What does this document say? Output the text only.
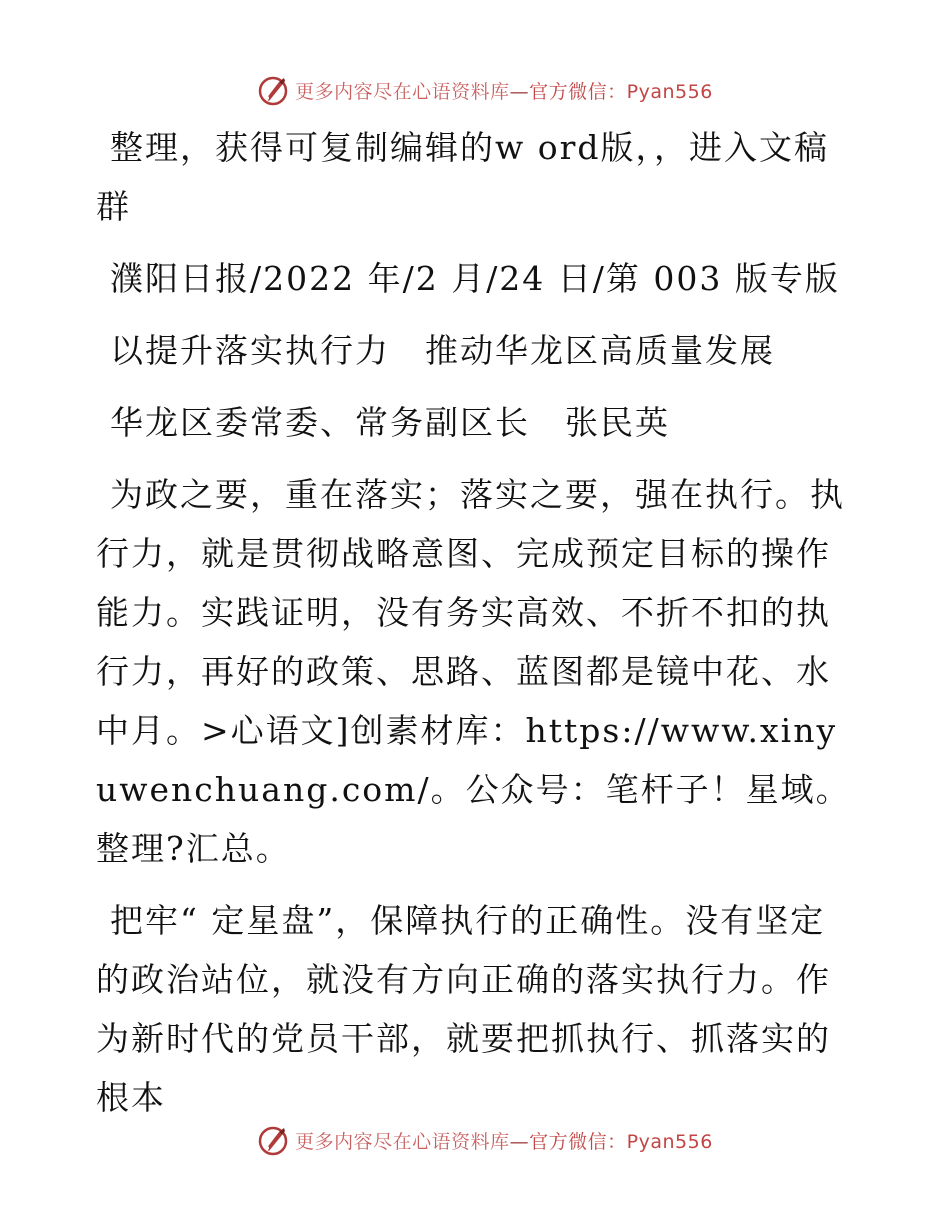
更多内容尽在心语资料库—官方微信：Pyan556

整理，获得可复制编辑的w ord版，，进入文稿群

濮阳日报/2022 年/2 月/24 日/第 003 版专版

以提升落实执行力　推动华龙区高质量发展

华龙区委常委、常务副区长　张民英

为政之要，重在落实；落实之要，强在执行。执行力，就是贯彻战略意图、完成预定目标的操作能力。实践证明，没有务实高效、不折不扣的执行力，再好的政策、思路、蓝图都是镜中花、水中月。>心语文]创素材库：https://www.xinyuwenchuang.com/。公众号：笔杆子！星域。整理?汇总。

把牢“ 定星盘”，保障执行的正确性。没有坚定的政治站位，就没有方向正确的落实执行力。作为新时代的党员干部，就要把抓执行、抓落实的根本

更多内容尽在心语资料库—官方微信：Pyan556
